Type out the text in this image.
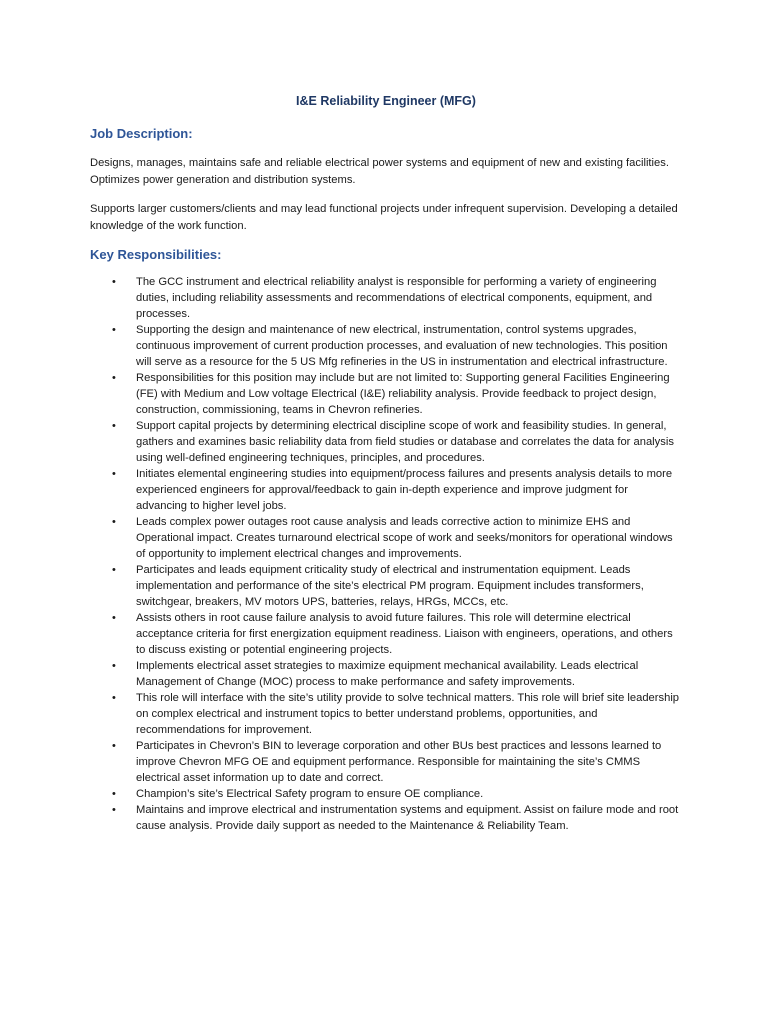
I&E Reliability Engineer (MFG)
Job Description:

Designs, manages, maintains safe and reliable electrical power systems and equipment of new and existing facilities. Optimizes power generation and distribution systems.

Supports larger customers/clients and may lead functional projects under infrequent supervision. Developing a detailed knowledge of the work function.

Key Responsibilities:
• The GCC instrument and electrical reliability analyst is responsible for performing a variety of engineering duties, including reliability assessments and recommendations of electrical components, equipment, and processes.
• Supporting the design and maintenance of new electrical, instrumentation, control systems upgrades, continuous improvement of current production processes, and evaluation of new technologies. This position will serve as a resource for the 5 US Mfg refineries in the US in instrumentation and electrical infrastructure.
• Responsibilities for this position may include but are not limited to: Supporting general Facilities Engineering (FE) with Medium and Low voltage Electrical (I&E) reliability analysis. Provide feedback to project design, construction, commissioning, teams in Chevron refineries.
• Support capital projects by determining electrical discipline scope of work and feasibility studies. In general, gathers and examines basic reliability data from field studies or database and correlates the data for analysis using well-defined engineering techniques, principles, and procedures.
• Initiates elemental engineering studies into equipment/process failures and presents analysis details to more experienced engineers for approval/feedback to gain in-depth experience and improve judgment for advancing to higher level jobs.
• Leads complex power outages root cause analysis and leads corrective action to minimize EHS and Operational impact. Creates turnaround electrical scope of work and seeks/monitors for operational windows of opportunity to implement electrical changes and improvements.
• Participates and leads equipment criticality study of electrical and instrumentation equipment. Leads implementation and performance of the site’s electrical PM program. Equipment includes transformers, switchgear, breakers, MV motors UPS, batteries, relays, HRGs, MCCs, etc.
• Assists others in root cause failure analysis to avoid future failures. This role will determine electrical acceptance criteria for first energization equipment readiness. Liaison with engineers, operations, and others to discuss existing or potential engineering projects.
• Implements electrical asset strategies to maximize equipment mechanical availability. Leads electrical Management of Change (MOC) process to make performance and safety improvements.
• This role will interface with the site’s utility provide to solve technical matters. This role will brief site leadership on complex electrical and instrument topics to better understand problems, opportunities, and recommendations for improvement.
• Participates in Chevron’s BIN to leverage corporation and other BUs best practices and lessons learned to improve Chevron MFG OE and equipment performance. Responsible for maintaining the site’s CMMS electrical asset information up to date and correct.
• Champion’s site’s Electrical Safety program to ensure OE compliance.
• Maintains and improve electrical and instrumentation systems and equipment. Assist on failure mode and root cause analysis. Provide daily support as needed to the Maintenance & Reliability Team.
